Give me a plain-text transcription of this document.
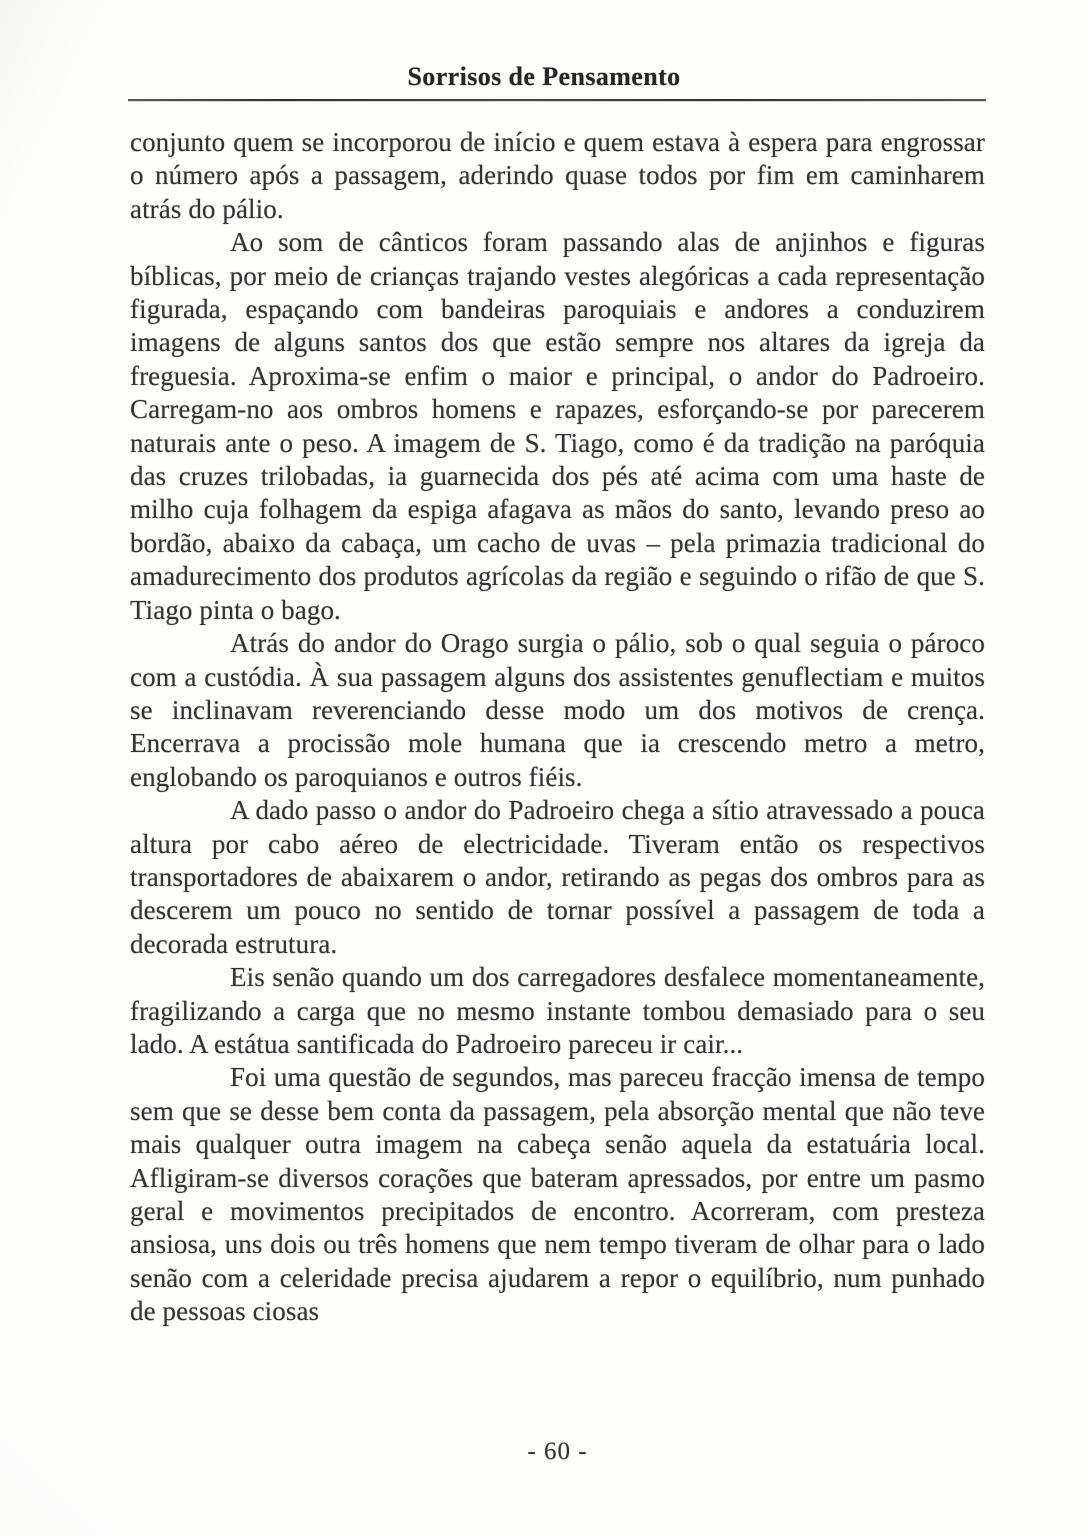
Sorrisos de Pensamento

conjunto quem se incorporou de início e quem estava à espera para engrossar o número após a passagem, aderindo quase todos por fim em caminharem atrás do pálio.

Ao som de cânticos foram passando alas de anjinhos e figuras bíblicas, por meio de crianças trajando vestes alegóricas a cada representação figurada, espaçando com bandeiras paroquiais e andores a conduzirem imagens de alguns santos dos que estão sempre nos altares da igreja da freguesia. Aproxima-se enfim o maior e principal, o andor do Padroeiro. Carregam-no aos ombros homens e rapazes, esforçando-se por parecerem naturais ante o peso. A imagem de S. Tiago, como é da tradição na paróquia das cruzes trilobadas, ia guarnecida dos pés até acima com uma haste de milho cuja folhagem da espiga afagava as mãos do santo, levando preso ao bordão, abaixo da cabaça, um cacho de uvas – pela primazia tradicional do amadurecimento dos produtos agrícolas da região e seguindo o rifão de que S. Tiago pinta o bago.

Atrás do andor do Orago surgia o pálio, sob o qual seguia o pároco com a custódia. À sua passagem alguns dos assistentes genuflectiam e muitos se inclinavam reverenciando desse modo um dos motivos de crença. Encerrava a procissão mole humana que ia crescendo metro a metro, englobando os paroquianos e outros fiéis.

A dado passo o andor do Padroeiro chega a sítio atravessado a pouca altura por cabo aéreo de electricidade. Tiveram então os respectivos transportadores de abaixarem o andor, retirando as pegas dos ombros para as descerem um pouco no sentido de tornar possível a passagem de toda a decorada estrutura.

Eis senão quando um dos carregadores desfalece momentaneamente, fragilizando a carga que no mesmo instante tombou demasiado para o seu lado. A estátua santificada do Padroeiro pareceu ir cair...

Foi uma questão de segundos, mas pareceu fracção imensa de tempo sem que se desse bem conta da passagem, pela absorção mental que não teve mais qualquer outra imagem na cabeça senão aquela da estatuária local. Afligiram-se diversos corações que bateram apressados, por entre um pasmo geral e movimentos precipitados de encontro. Acorreram, com presteza ansiosa, uns dois ou três homens que nem tempo tiveram de olhar para o lado senão com a celeridade precisa ajudarem a repor o equilíbrio, num punhado de pessoas ciosas

- 60 -
